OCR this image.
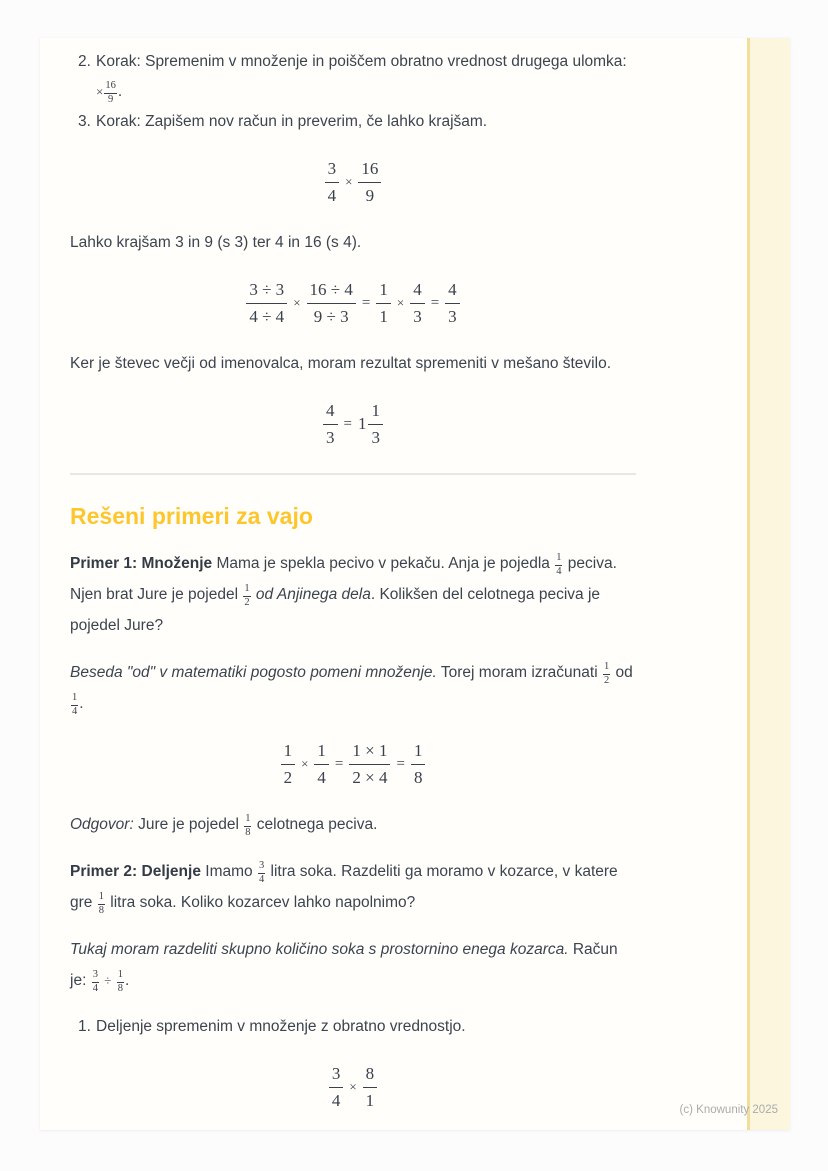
2. Korak: Spremenim v množenje in poiščem obratno vrednost drugega ulomka: × $\frac{16}{9}$ .
3. Korak: Zapišem nov račun in preverim, če lahko krajšam.
$\frac{3}{4} \times \frac{16}{9}$

Lahko krajšam 3 in 9 (s 3) ter 4 in 16 (s 4).

$\frac{3 \div 3}{4 \div 4} \times \frac{16 \div 4}{9 \div 3} = \frac{1}{1} \times \frac{4}{3} = \frac{4}{3}$

Ker je števec večji od imenovalca, moram rezultat spremeniti v mešano število.

$\frac{4}{3} = 1 \frac{1}{3}$
Rešeni primeri za vajo

Primer 1: Množenje Mama je spekla pecivo v pekaču. Anja je pojedla $\frac{1}{4}$ peciva. Njen brat Jure je pojedel $\frac{1}{2}$ od Anjinega dela. Kolikšen del celotnega peciva je pojedel Jure?

Beseda "od" v matematiki pogosto pomeni množenje. Torej moram izračunati $\frac{1}{2}$ od
$\frac{1}{4}$ .

$\frac{1}{2} \times \frac{1}{4} = \frac{1 \times 1}{2 \times 4} = \frac{1}{8}$

Odgovor: Jure je pojedel $\frac{1}{8}$ celotnega peciva.

Primer 2: Deljenje Imamo $\frac{3}{4}$ litra soka. Razdeliti ga moramo v kozarce, v katere gre $\frac{1}{8}$ litra soka. Koliko kozarcev lahko napolnimo?

Tukaj moram razdeliti skupno količino soka s prostornino enega kozarca. Račun je: $\frac{3}{4} \div \frac{1}{8}$ .

1. Deljenje spremenim v množenje z obratno vrednostjo.
$\frac{3}{4} \times \frac{8}{1}$	(c) Knowunity 2025
